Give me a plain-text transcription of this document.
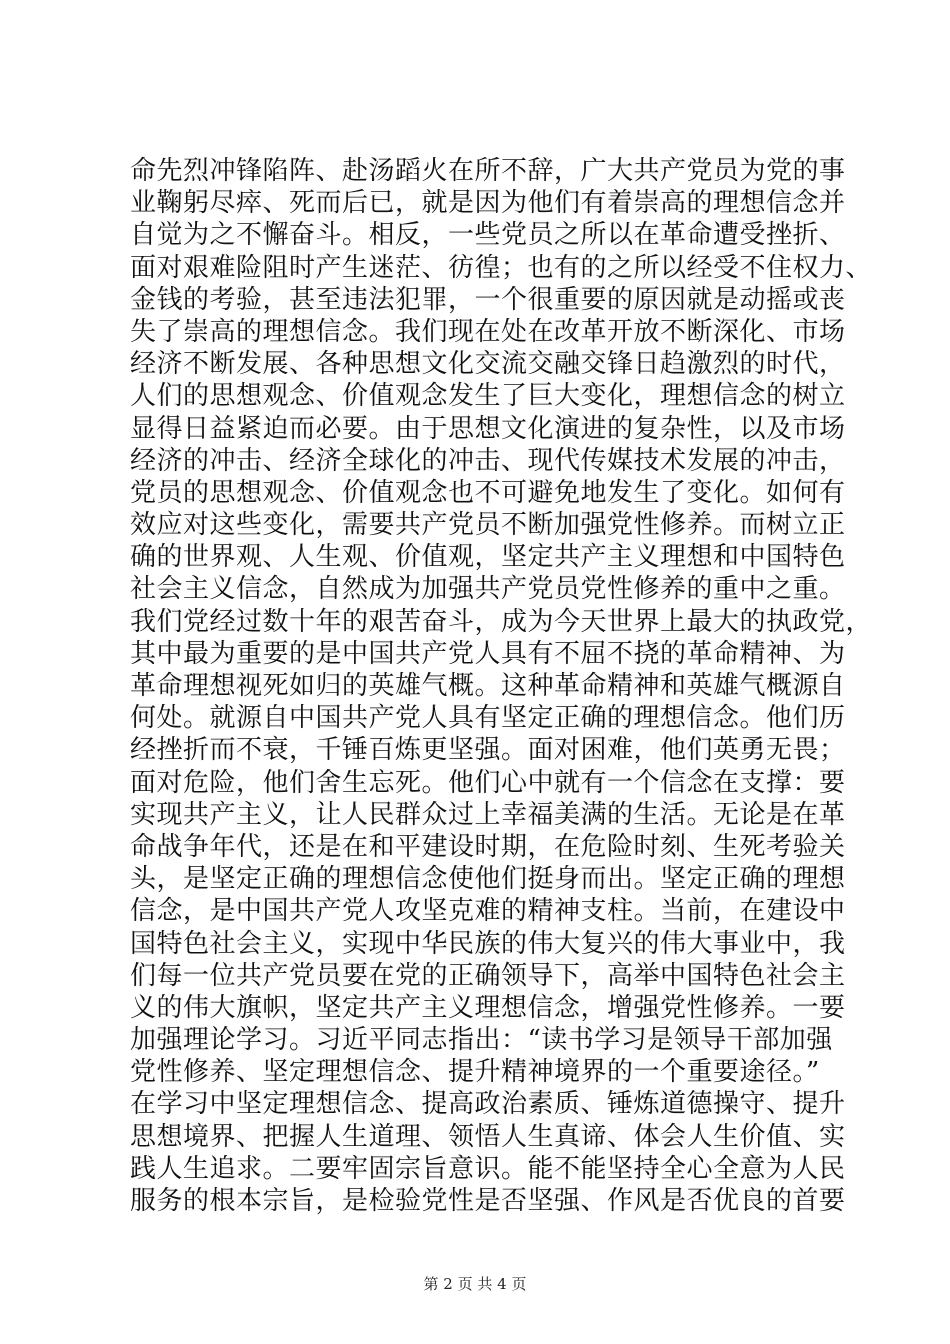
命先烈冲锋陷阵、赴汤蹈火在所不辞，广大共产党员为党的事
业鞠躬尽瘁、死而后已，就是因为他们有着崇高的理想信念并
自觉为之不懈奋斗。相反，一些党员之所以在革命遭受挫折、
面对艰难险阻时产生迷茫、彷徨；也有的之所以经受不住权力、
金钱的考验，甚至违法犯罪，一个很重要的原因就是动摇或丧
失了崇高的理想信念。我们现在处在改革开放不断深化、市场
经济不断发展、各种思想文化交流交融交锋日趋激烈的时代，
人们的思想观念、价值观念发生了巨大变化，理想信念的树立
显得日益紧迫而必要。由于思想文化演进的复杂性，以及市场
经济的冲击、经济全球化的冲击、现代传媒技术发展的冲击，
党员的思想观念、价值观念也不可避免地发生了变化。如何有
效应对这些变化，需要共产党员不断加强党性修养。而树立正
确的世界观、人生观、价值观，坚定共产主义理想和中国特色
社会主义信念，自然成为加强共产党员党性修养的重中之重。
我们党经过数十年的艰苦奋斗，成为今天世界上最大的执政党，
其中最为重要的是中国共产党人具有不屈不挠的革命精神、为
革命理想视死如归的英雄气概。这种革命精神和英雄气概源自
何处。就源自中国共产党人具有坚定正确的理想信念。他们历
经挫折而不衰，千锤百炼更坚强。面对困难，他们英勇无畏；
面对危险，他们舍生忘死。他们心中就有一个信念在支撑：要
实现共产主义，让人民群众过上幸福美满的生活。无论是在革
命战争年代，还是在和平建设时期，在危险时刻、生死考验关
头，是坚定正确的理想信念使他们挺身而出。坚定正确的理想
信念，是中国共产党人攻坚克难的精神支柱。当前，在建设中
国特色社会主义，实现中华民族的伟大复兴的伟大事业中，我
们每一位共产党员要在党的正确领导下，高举中国特色社会主
义的伟大旗帜，坚定共产主义理想信念，增强党性修养。一要
加强理论学习。习近平同志指出：“读书学习是领导干部加强
党性修养、坚定理想信念、提升精神境界的一个重要途径。”
在学习中坚定理想信念、提高政治素质、锤炼道德操守、提升
思想境界、把握人生道理、领悟人生真谛、体会人生价值、实
践人生追求。二要牢固宗旨意识。能不能坚持全心全意为人民
服务的根本宗旨，是检验党性是否坚强、作风是否优良的首要
第 2 页 共 4 页
